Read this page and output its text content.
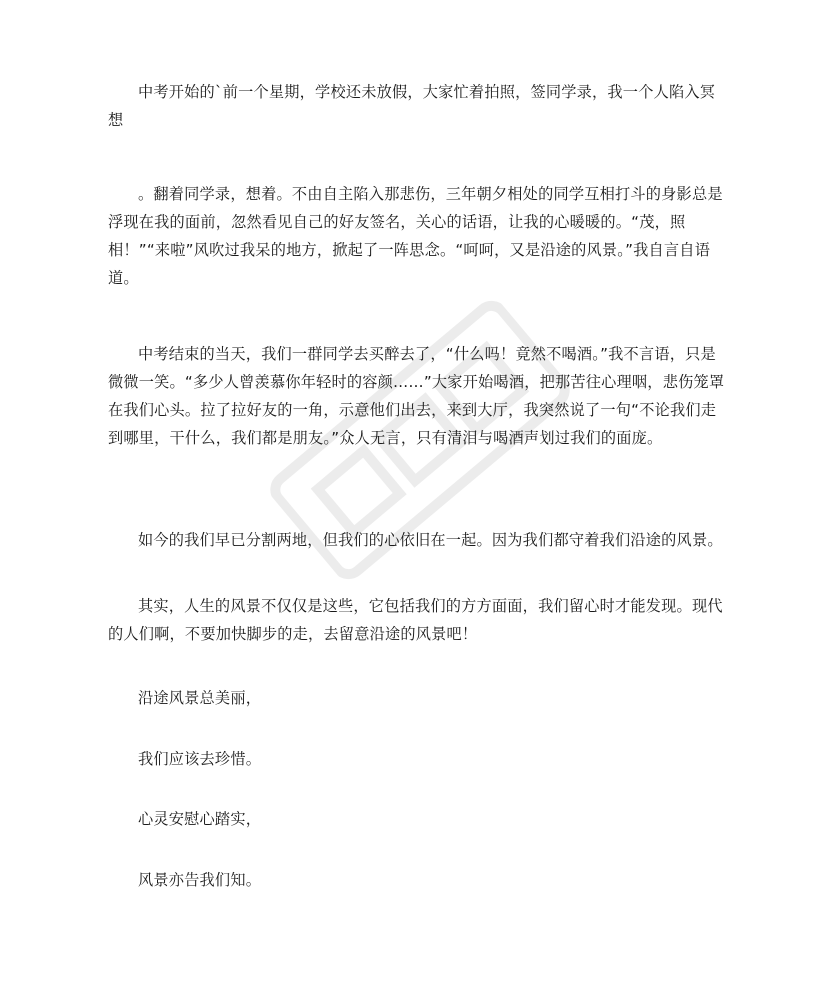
中考开始的`前一个星期，学校还未放假，大家忙着拍照，签同学录，我一个人陷入冥想

。翻着同学录，想着。不由自主陷入那悲伤，三年朝夕相处的同学互相打斗的身影总是浮现在我的面前，忽然看见自己的好友签名，关心的话语，让我的心暖暖的。“茂，照相！”“来啦”风吹过我呆的地方，掀起了一阵思念。“呵呵，又是沿途的风景。”我自言自语道。

中考结束的当天，我们一群同学去买醉去了，“什么吗！竟然不喝酒。”我不言语，只是微微一笑。“多少人曾羡慕你年轻时的容颜……”大家开始喝酒，把那苦往心理咽，悲伤笼罩在我们心头。拉了拉好友的一角，示意他们出去，来到大厅，我突然说了一句“不论我们走到哪里，干什么，我们都是朋友。”众人无言，只有清泪与喝酒声划过我们的面庞。

如今的我们早已分割两地，但我们的心依旧在一起。因为我们都守着我们沿途的风景。

其实，人生的风景不仅仅是这些，它包括我们的方方面面，我们留心时才能发现。现代的人们啊，不要加快脚步的走，去留意沿途的风景吧！

沿途风景总美丽，

我们应该去珍惜。

心灵安慰心踏实，

风景亦告我们知。
